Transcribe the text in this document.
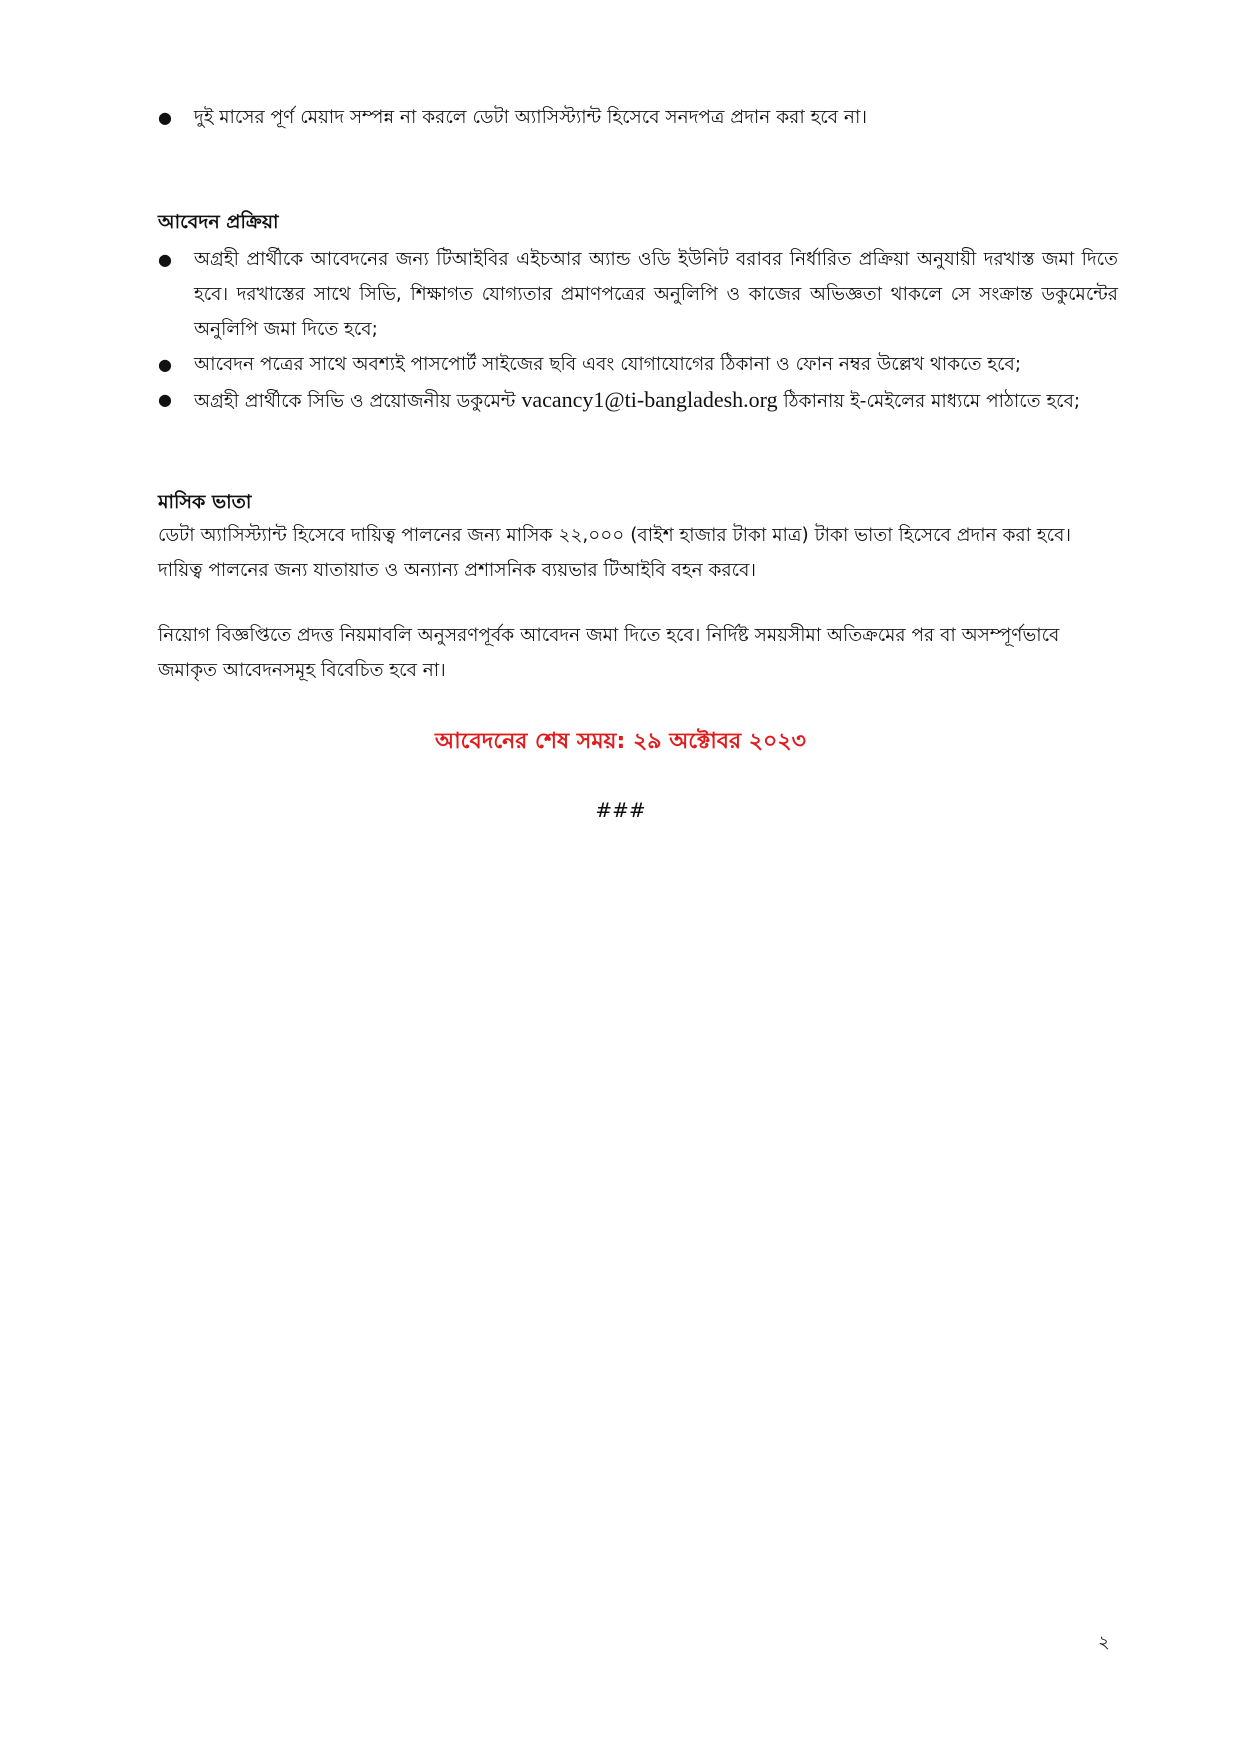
● দুই মাসের পূর্ণ মেয়াদ সম্পন্ন না করলে ডেটা অ্যাসিস্ট্যান্ট হিসেবে সনদপত্র প্রদান করা হবে না।
আবেদন প্রক্রিয়া
● অগ্রহী প্রার্থীকে আবেদনের জন্য টিআইবির এইচআর অ্যান্ড ওডি ইউনিট বরাবর নির্ধারিত প্রক্রিয়া অনুযায়ী দরখাস্ত জমা দিতে হবে। দরখাস্তের সাথে সিভি, শিক্ষাগত যোগ্যতার প্রমাণপত্রের অনুলিপি ও কাজের অভিজ্ঞতা থাকলে সে সংক্রান্ত ডকুমেন্টের অনুলিপি জমা দিতে হবে;
● আবেদন পত্রের সাথে অবশ্যই পাসপোর্ট সাইজের ছবি এবং যোগাযোগের ঠিকানা ও ফোন নম্বর উল্লেখ থাকতে হবে;
● অগ্রহী প্রার্থীকে সিভি ও প্রয়োজনীয় ডকুমেন্ট vacancy1@ti-bangladesh.org ঠিকানায় ই-মেইলের মাধ্যমে পাঠাতে হবে;
মাসিক ভাতা
ডেটা অ্যাসিস্ট্যান্ট হিসেবে দায়িত্ব পালনের জন্য মাসিক ২২,০০০ (বাইশ হাজার টাকা মাত্র) টাকা ভাতা হিসেবে প্রদান করা হবে। দায়িত্ব পালনের জন্য যাতায়াত ও অন্যান্য প্রশাসনিক ব্যয়ভার টিআইবি বহন করবে।
নিয়োগ বিজ্ঞপ্তিতে প্রদত্ত নিয়মাবলি অনুসরণপূর্বক আবেদন জমা দিতে হবে। নির্দিষ্ট সময়সীমা অতিক্রমের পর বা অসম্পূর্ণভাবে জমাকৃত আবেদনসমূহ বিবেচিত হবে না।
আবেদনের শেষ সময়: ২৯ অক্টোবর ২০২৩
###
২
